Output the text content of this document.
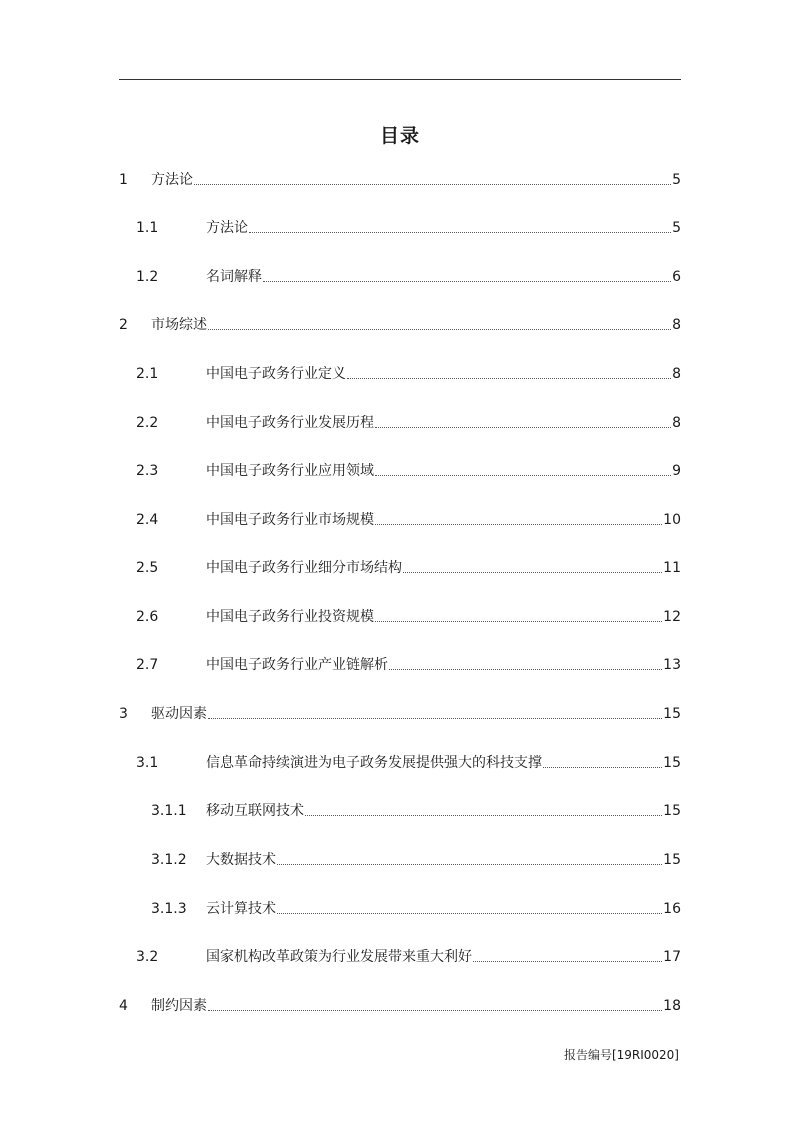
目录
1	方法论	5
1.1	方法论	5
1.2	名词解释	6
2	市场综述	8
2.1	中国电子政务行业定义	8
2.2	中国电子政务行业发展历程	8
2.3	中国电子政务行业应用领域	9
2.4	中国电子政务行业市场规模	10
2.5	中国电子政务行业细分市场结构	11
2.6	中国电子政务行业投资规模	12
2.7	中国电子政务行业产业链解析	13
3	驱动因素	15
3.1	信息革命持续演进为电子政务发展提供强大的科技支撑	15
3.1.1	移动互联网技术	15
3.1.2	大数据技术	15
3.1.3	云计算技术	16
3.2	国家机构改革政策为行业发展带来重大利好	17
4	制约因素	18
报告编号[19RI0020]
